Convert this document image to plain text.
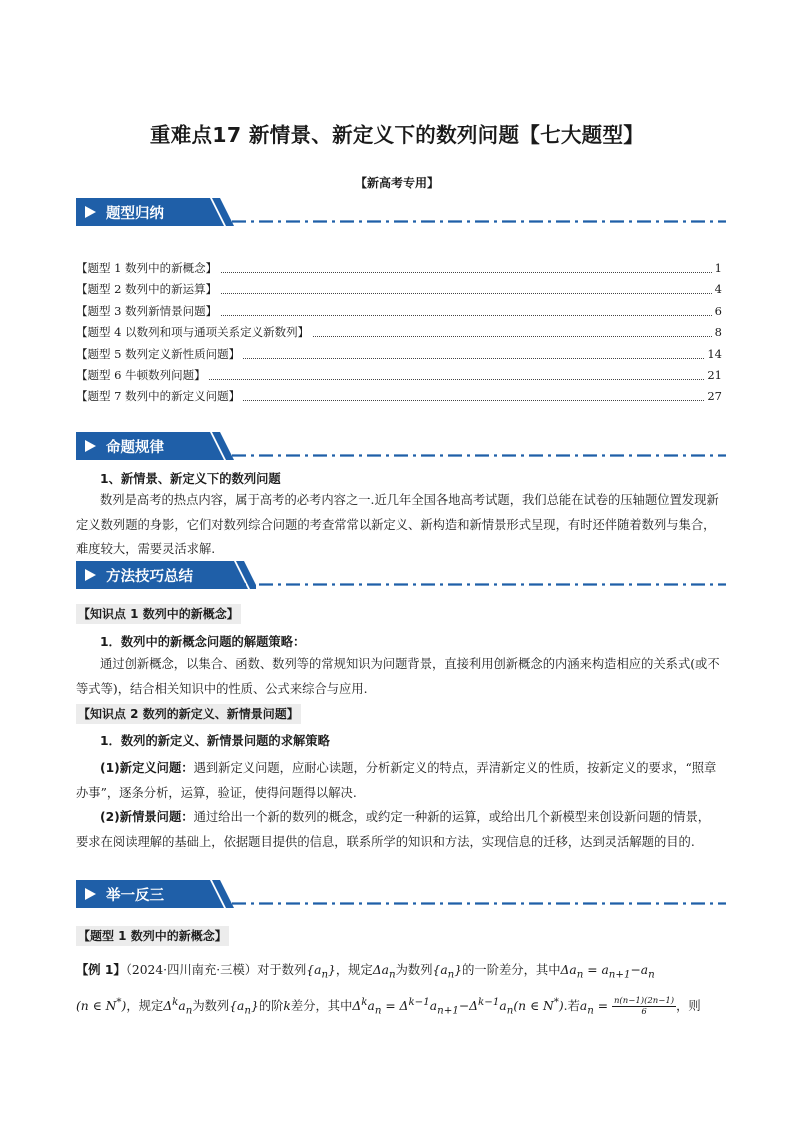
重难点17 新情景、新定义下的数列问题【七大题型】
【新高考专用】
题型归纳
【题型 1 数列中的新概念】	1
【题型 2 数列中的新运算】	4
【题型 3 数列新情景问题】	6
【题型 4 以数列和项与通项关系定义新数列】	8
【题型 5 数列定义新性质问题】	14
【题型 6 牛顿数列问题】	21
【题型 7 数列中的新定义问题】	27
命题规律
1、新情景、新定义下的数列问题
数列是高考的热点内容，属于高考的必考内容之一.近几年全国各地高考试题，我们总能在试卷的压轴题位置发现新定义数列题的身影，它们对数列综合问题的考查常常以新定义、新构造和新情景形式呈现，有时还伴随着数列与集合，难度较大，需要灵活求解.
方法技巧总结
【知识点 1 数列中的新概念】
1．数列中的新概念问题的解题策略：
通过创新概念，以集合、函数、数列等的常规知识为问题背景，直接利用创新概念的内涵来构造相应的关系式(或不等式等)，结合相关知识中的性质、公式来综合与应用.
【知识点 2 数列的新定义、新情景问题】
1．数列的新定义、新情景问题的求解策略
(1)新定义问题：遇到新定义问题，应耐心读题，分析新定义的特点，弄清新定义的性质，按新定义的要求，“照章办事”，逐条分析，运算，验证，使得问题得以解决.
(2)新情景问题：通过给出一个新的数列的概念，或约定一种新的运算，或给出几个新模型来创设新问题的情景，要求在阅读理解的基础上，依据题目提供的信息，联系所学的知识和方法，实现信息的迁移，达到灵活解题的目的.
举一反三
【题型 1 数列中的新概念】
【例 1】（2024·四川南充·三模）对于数列$\{a_n\}$，规定$\Delta a_n$为数列$\{a_n\}$的一阶差分，其中$\Delta a_n = a_{n+1}-a_n$
(n ∈ N*)，规定$\Delta^ka_n$为数列$\{a_n\}$的阶k差分，其中$\Delta^ka_n = \Delta^{k-1}a_{n+1}-\Delta^{k-1}a_n(n$ ∈ N*).若$a_n = \frac{n(n-1)(2n-1)}{6}$ ，则
